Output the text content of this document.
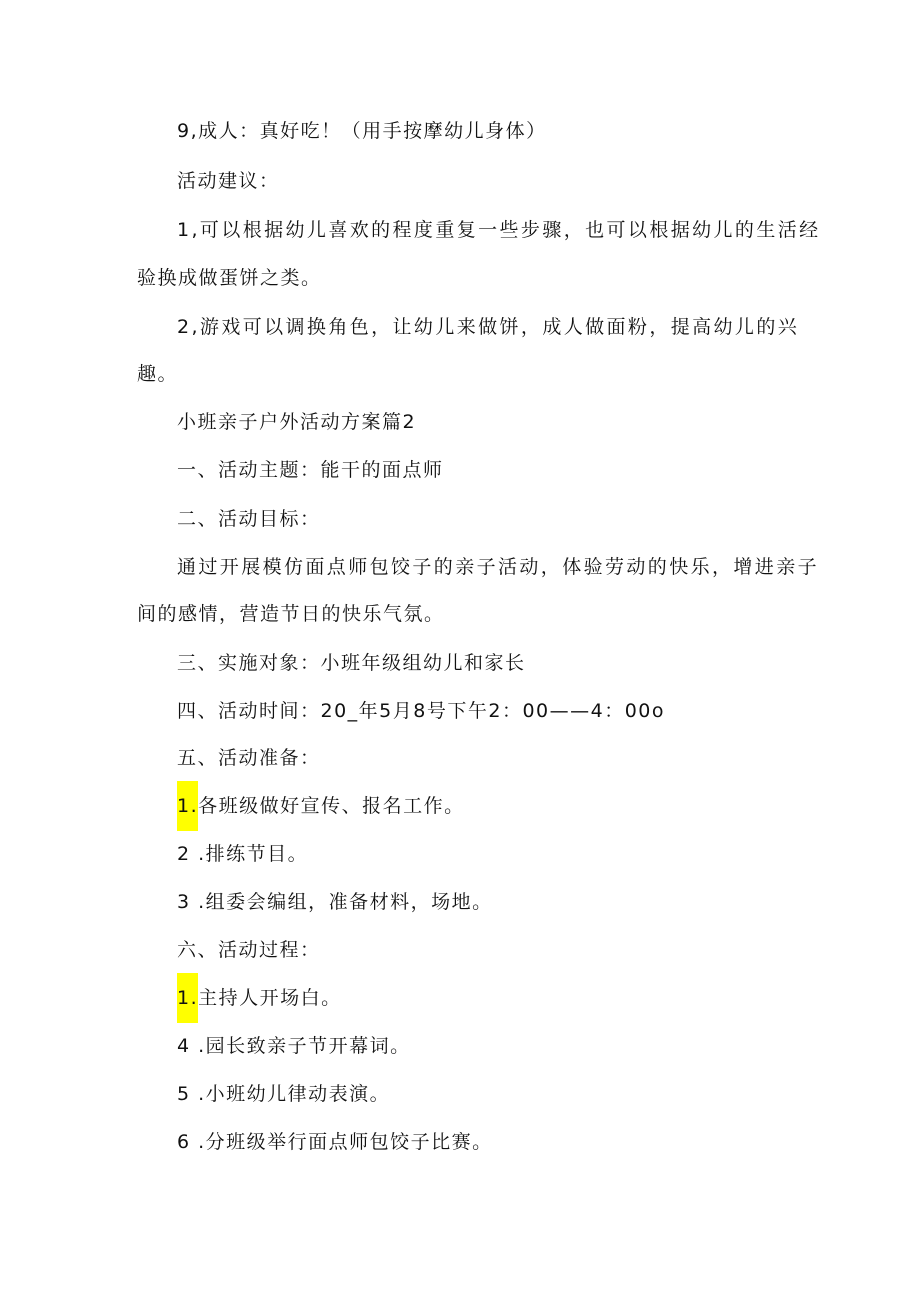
9,成人：真好吃！（用手按摩幼儿身体）
活动建议：
1,可以根据幼儿喜欢的程度重复一些步骤，也可以根据幼儿的生活经
验换成做蛋饼之类。
2,游戏可以调换角色，让幼儿来做饼，成人做面粉，提高幼儿的兴
趣。
小班亲子户外活动方案篇2
一、活动主题：能干的面点师
二、活动目标：
通过开展模仿面点师包饺子的亲子活动，体验劳动的快乐，增进亲子
间的感情，营造节日的快乐气氛。
三、实施对象：小班年级组幼儿和家长
四、活动时间：20_年5月8号下午2：00——4：00o
五、活动准备：
1.各班级做好宣传、报名工作。
2 .排练节目。
3 .组委会编组，准备材料，场地。
六、活动过程：
1.主持人开场白。
4 .园长致亲子节开幕词。
5 .小班幼儿律动表演。
6 .分班级举行面点师包饺子比赛。
